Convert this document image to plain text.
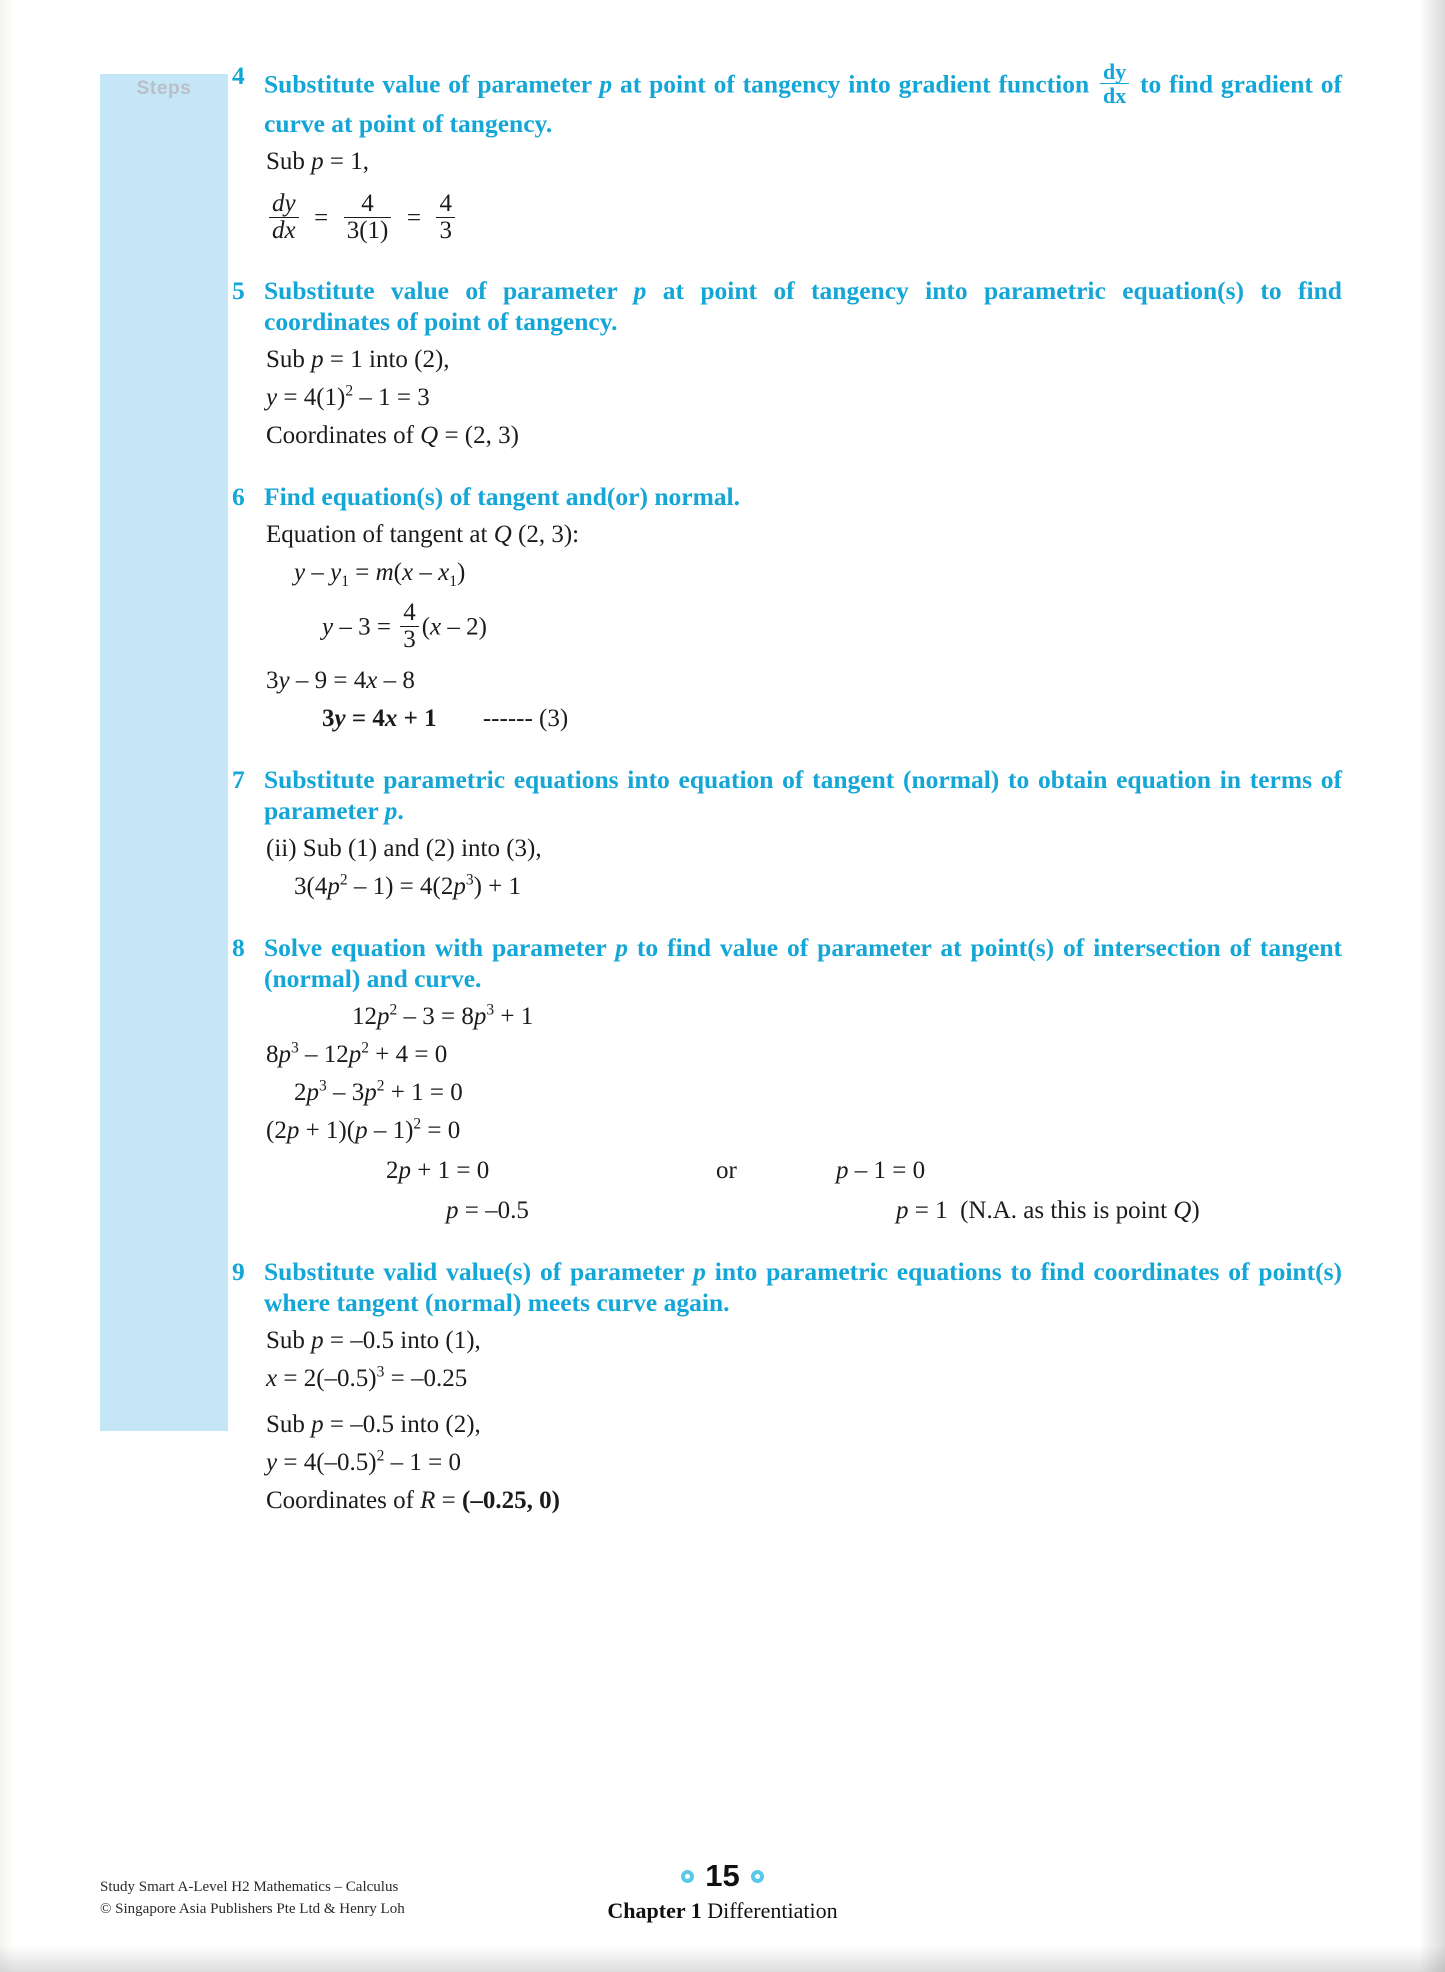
Steps	4 Substitute value of parameter p at point of tangency into gradient function $\frac{dy}{dx}$ to find gradient of curve at point of tangency.
Sub p = 1,
$\frac{dy}{dx} = \frac{4}{3(1)} = \frac{4}{3}$
5 Substitute value of parameter p at point of tangency into parametric equation(s) to find coordinates of point of tangency.
Sub p = 1 into (2),
$y = 4(1)^2 - 1 = 3$
Coordinates of Q = (2, 3)
6 Find equation(s) of tangent and(or) normal.
Equation of tangent at Q (2, 3):
$y - y_1 = m(x - x_1)$
$y - 3 = \frac{4}{3} (x - 2)$
3y – 9 = 4x – 8
3y = 4x + 1 ------ (3)
7 Substitute parametric equations into equation of tangent (normal) to obtain equation in terms of parameter p.
(ii) Sub (1) and (2) into (3),
$3(4p^2 - 1) = 4(2p^3) + 1$
8 Solve equation with parameter p to find value of parameter at point(s) of intersection of tangent (normal) and curve.
$12p^2 - 3 = 8p^3 + 1$
$8p^3 - 12p^2 + 4 = 0$
$2p^3 - 3p^2 + 1 = 0$
(2p + 1)(p – 1)$^2$ = 0
2p + 1 = 0	or	p – 1 = 0
p = –0.5	p = 1  (N.A. as this is point Q)
9 Substitute valid value(s) of parameter p into parametric equations to find coordinates of point(s) where tangent (normal) meets curve again.
Sub p = –0.5 into (1),
$x = 2(-0.5)^3 = -0.25$
Sub p = –0.5 into (2),
$y = 4(-0.5)^2 - 1 = 0$
Coordinates of R = (–0.25, 0)
Study Smart A-Level H2 Mathematics – Calculus
© Singapore Asia Publishers Pte Ltd & Henry Loh
15
Chapter 1 Differentiation
